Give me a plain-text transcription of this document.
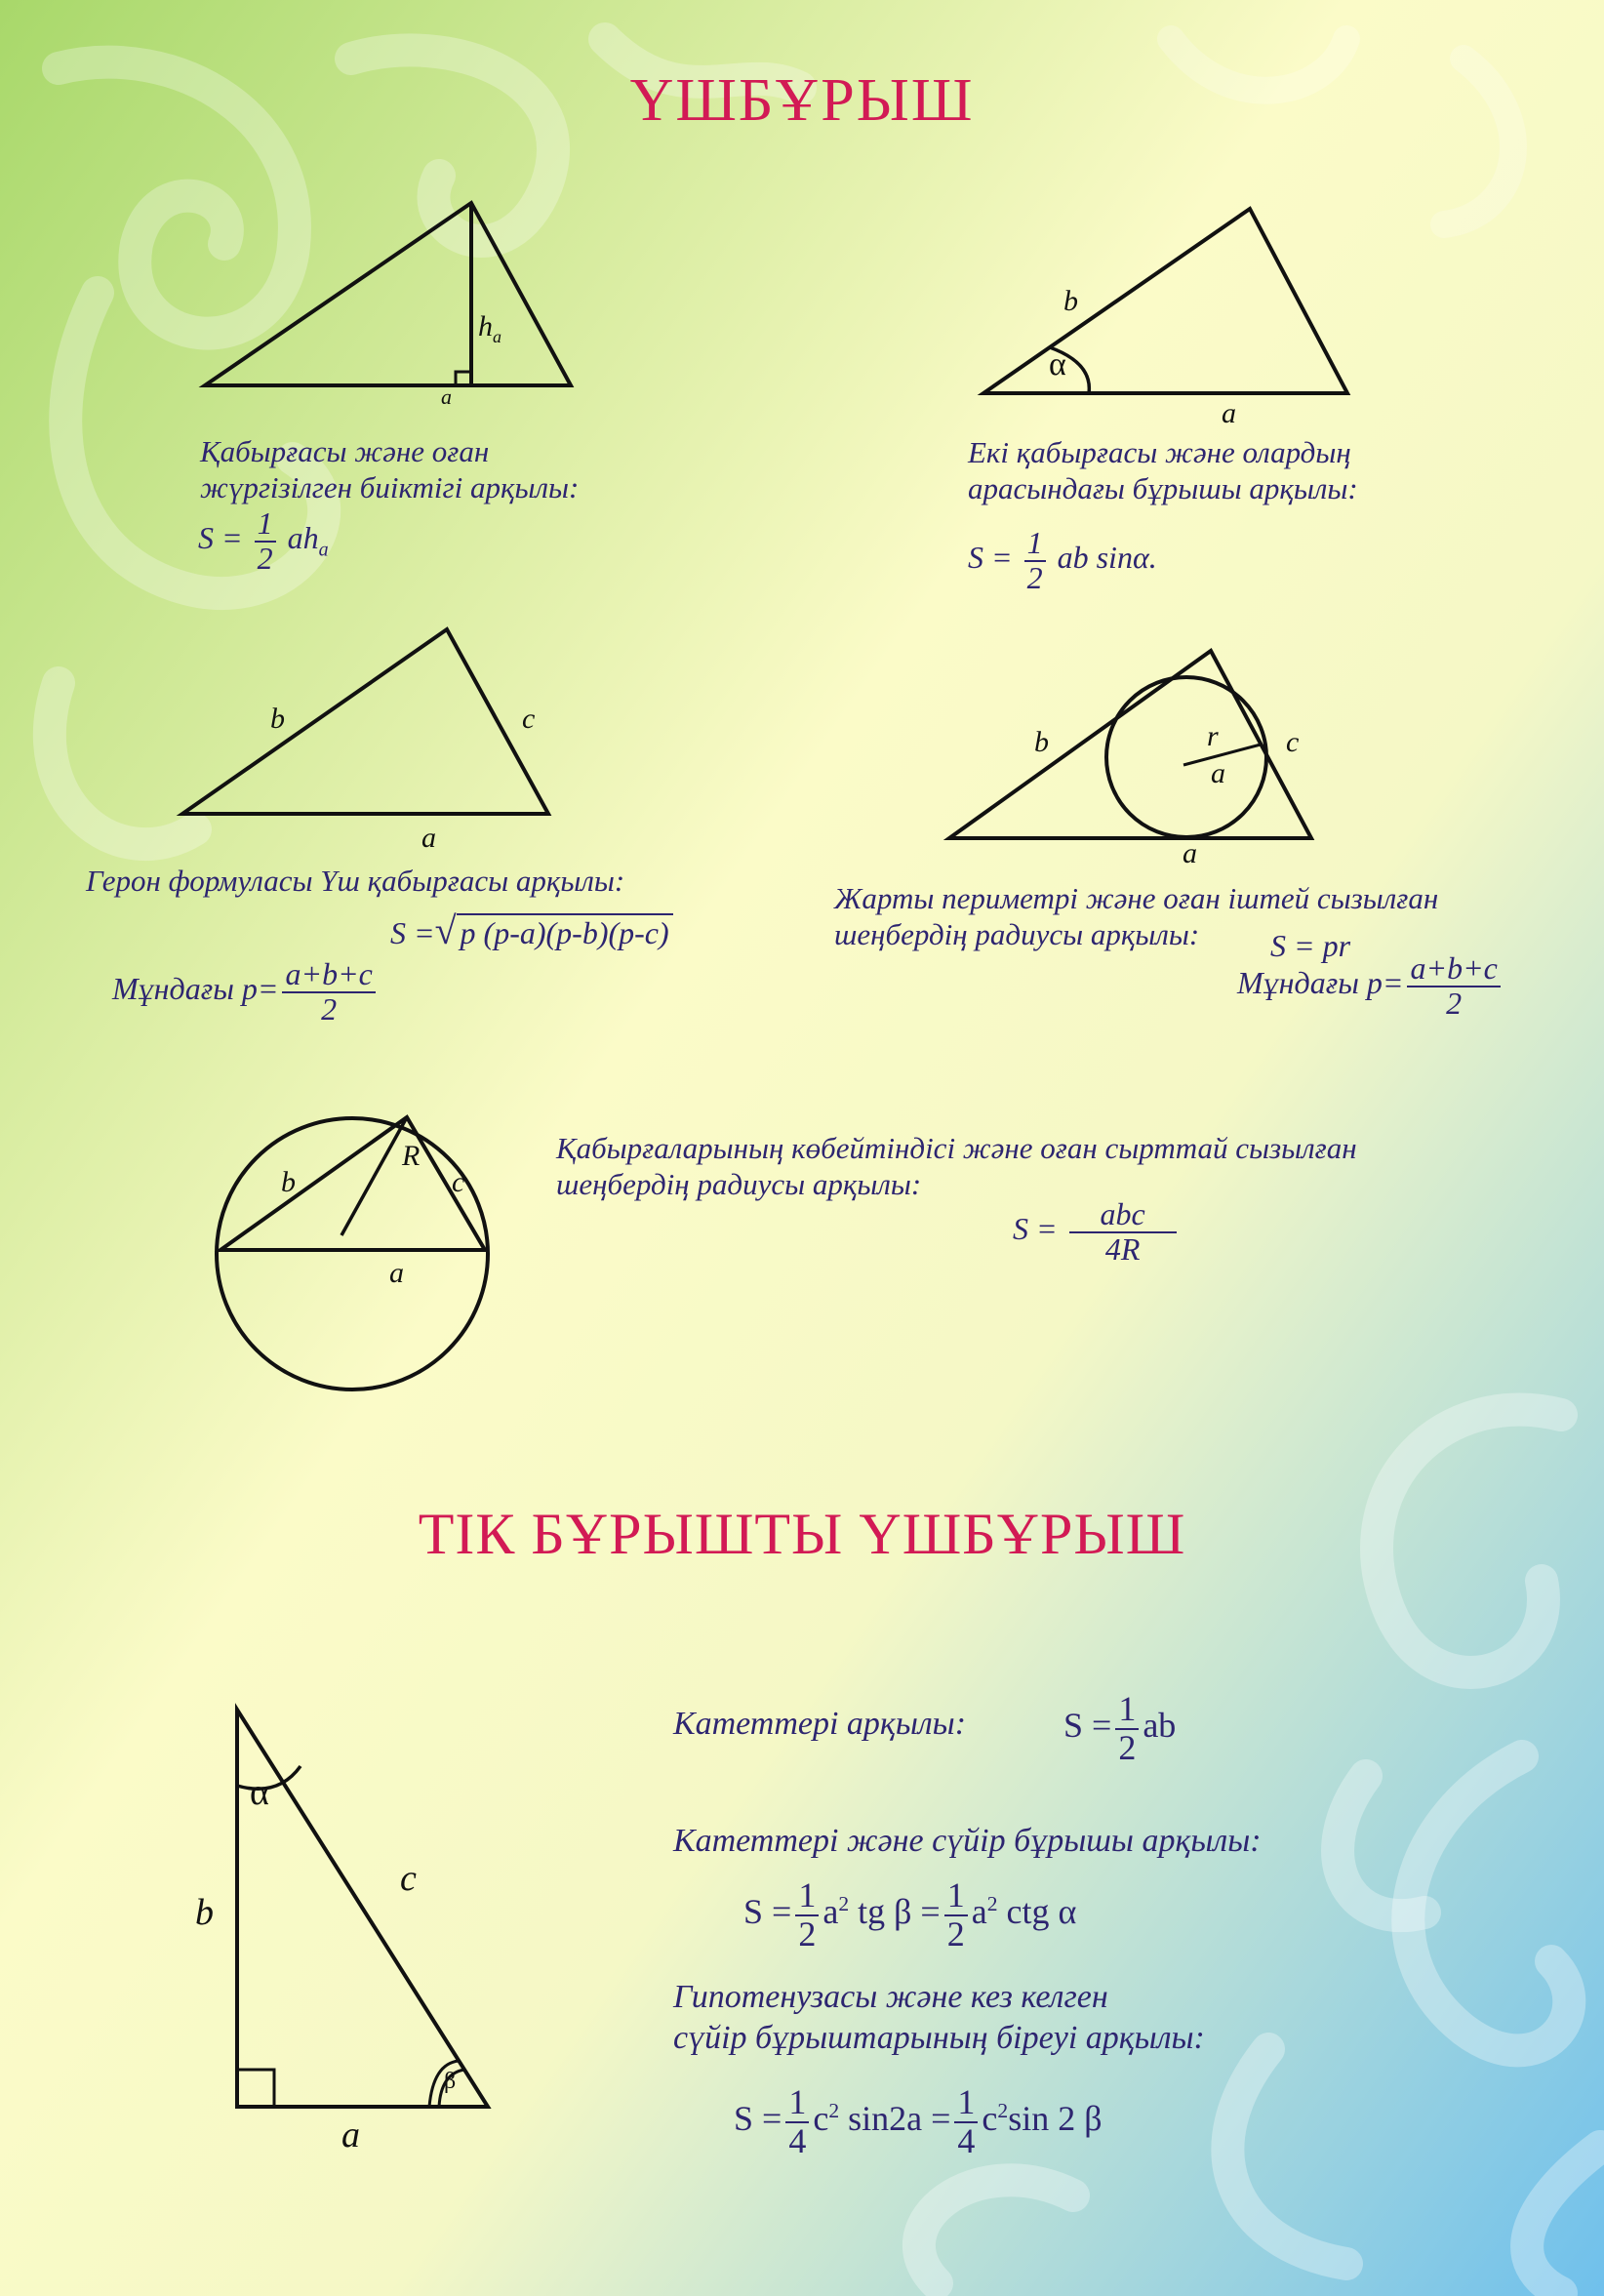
ҮШБҰРЫШ
$h_a$
a
Қабырғасы және оған
жүргізілген биіктігі арқылы:
$S = \frac{1}{2} ah_a$
b
α
a
Екі қабырғасы және олардың
арасындағы бұрышы арқылы:
$S = \frac{1}{2}$ ab sinα.
b	c
a
Герон формуласы Үш қабырғасы арқылы:
S =√ p (p-a)(p-b)(p-c)
Мұндағы $p= \frac{a+b+c}{2}$
b	r c
a
a
Жарты периметрі және оған іштей сызылған
шеңбердің радиусы арқылы:	S = pr
Мұндағы $p= \frac{a+b+c}{2}$
b
R
c
a
Қабырғаларының көбейтіндісі және оған сырттай сызылған
шеңбердің радиусы арқылы:
S =	abc
4R
ТІК БҰРЫШТЫ ҮШБҰРЫШ
α
b
c
β
a
Катеттері арқылы:	$S = \frac{1}{2}$ ab
Катеттері және сүйір бұрышы арқылы:
$S = \frac{1}{2} a^2$ tg $\beta = \frac{1}{2} a^2$ ctg α
Гипотенузасы және кез келген
сүйір бұрыштарының біреуі арқылы:
$S = \frac{1}{4} c^2$ $\sin 2a = \frac{1}{4} c^2\sin$ 2 β
